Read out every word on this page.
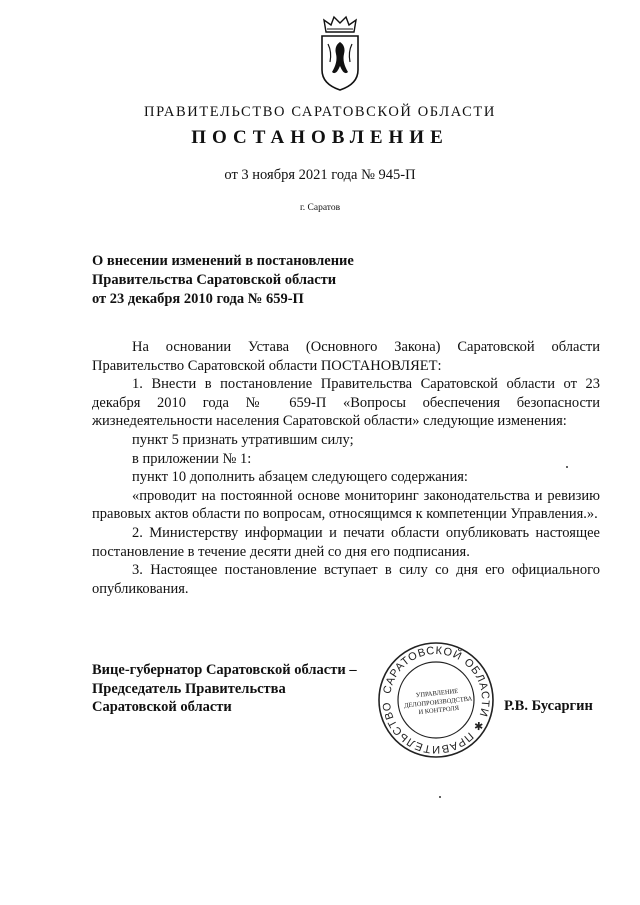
ПРАВИТЕЛЬСТВО САРАТОВСКОЙ ОБЛАСТИ
ПОСТАНОВЛЕНИЕ
от 3 ноября 2021 года № 945-П
г. Саратов
О внесении изменений в постановление
Правительства Саратовской области
от 23 декабря 2010 года № 659-П

На основании Устава (Основного Закона) Саратовской области Правительство Саратовской области ПОСТАНОВЛЯЕТ:

1. Внести в постановление Правительства Саратовской области от 23 декабря 2010 года № 659-П «Вопросы обеспечения безопасности жизнедеятельности населения Саратовской области» следующие изменения:

пункт 5 признать утратившим силу;

в приложении № 1:

пункт 10 дополнить абзацем следующего содержания:

«проводит на постоянной основе мониторинг законодательства и ревизию правовых актов области по вопросам, относящимся к компетенции Управления.».

2. Министерству информации и печати области опубликовать настоящее постановление в течение десяти дней со дня его подписания.

3. Настоящее постановление вступает в силу со дня его официального опубликования.

Вице-губернатор Саратовской области –
Председатель Правительства
Саратовской области
САРАТОВСКОЙ ОБЛАСТИ ✱ ПРАВИТЕЛЬСТВО
УПРАВЛЕНИЕ ДЕЛОПРОИЗВОДСТВА И КОНТРОЛЯ	Р.В. Бусаргин
